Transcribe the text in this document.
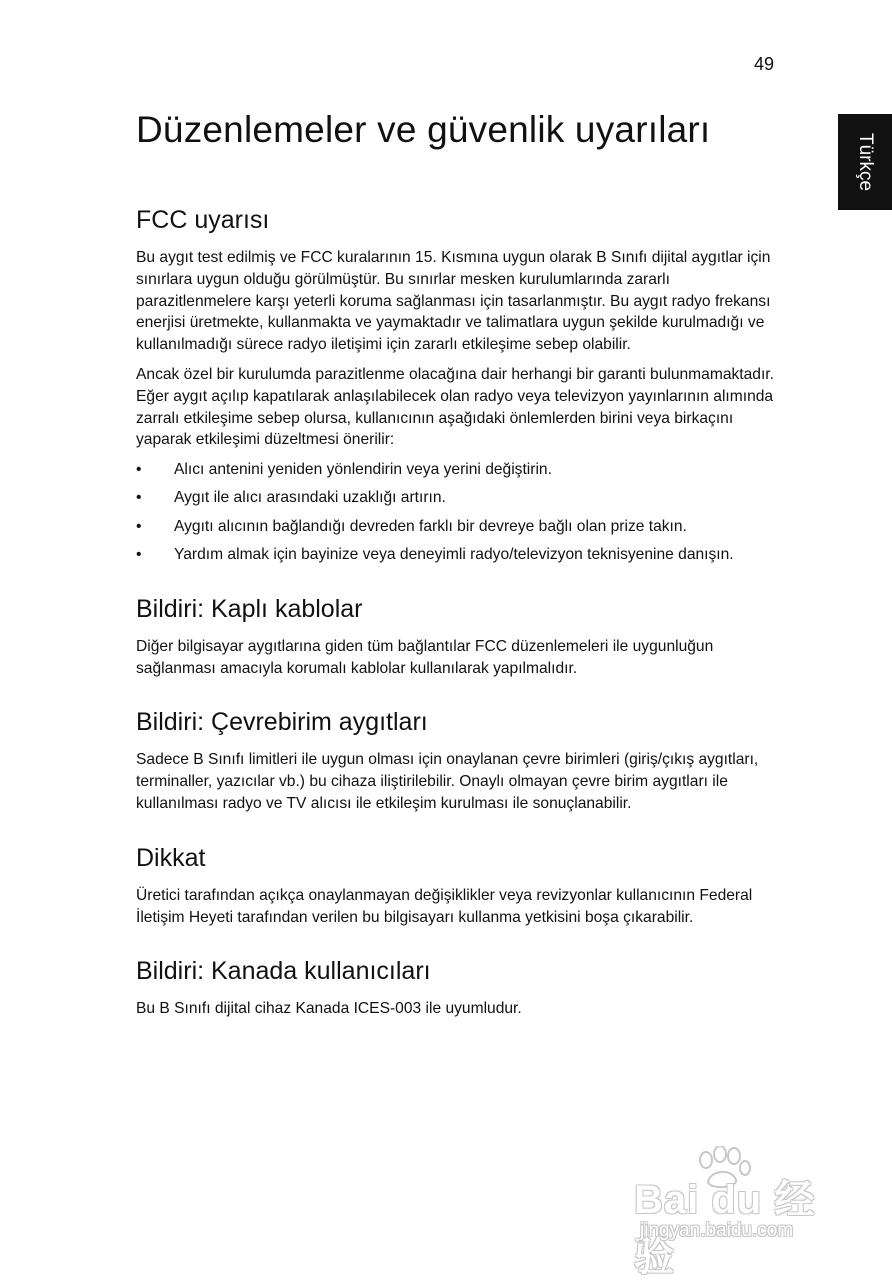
49
Türkçe
Düzenlemeler ve güvenlik uyarıları
FCC uyarısı

Bu aygıt test edilmiş ve FCC kuralarının 15. Kısmına uygun olarak B Sınıfı dijital aygıtlar için sınırlara uygun olduğu görülmüştür. Bu sınırlar mesken kurulumlarında zararlı parazitlenmelere karşı yeterli koruma sağlanması için tasarlanmıştır. Bu aygıt radyo frekansı enerjisi üretmekte, kullanmakta ve yaymaktadır ve talimatlara uygun şekilde kurulmadığı ve kullanılmadığı sürece radyo iletişimi için zararlı etkileşime sebep olabilir.

Ancak özel bir kurulumda parazitlenme olacağına dair herhangi bir garanti bulunmamaktadır. Eğer aygıt açılıp kapatılarak anlaşılabilecek olan radyo veya televizyon yayınlarının alımında zarralı etkileşime sebep olursa, kullanıcının aşağıdaki önlemlerden birini veya birkaçını yaparak etkileşimi düzeltmesi önerilir:

• Alıcı antenini yeniden yönlendirin veya yerini değiştirin.
• Aygıt ile alıcı arasındaki uzaklığı artırın.
• Aygıtı alıcının bağlandığı devreden farklı bir devreye bağlı olan prize takın.
• Yardım almak için bayinize veya deneyimli radyo/televizyon teknisyenine danışın.
Bildiri: Kaplı kablolar

Diğer bilgisayar aygıtlarına giden tüm bağlantılar FCC düzenlemeleri ile uygunluğun sağlanması amacıyla korumalı kablolar kullanılarak yapılmalıdır.

Bildiri: Çevrebirim aygıtları

Sadece B Sınıfı limitleri ile uygun olması için onaylanan çevre birimleri (giriş/çıkış aygıtları, terminaller, yazıcılar vb.) bu cihaza iliştirilebilir. Onaylı olmayan çevre birim aygıtları ile kullanılması radyo ve TV alıcısı ile etkileşim kurulması ile sonuçlanabilir.

Dikkat

Üretici tarafından açıkça onaylanmayan değişiklikler veya revizyonlar kullanıcının Federal İletişim Heyeti tarafından verilen bu bilgisayarı kullanma yetkisini boşa çıkarabilir.

Bildiri: Kanada kullanıcıları

Bu B Sınıfı dijital cihaz Kanada ICES-003 ile uyumludur.

Bai du 经验
jingyan.baidu.com
